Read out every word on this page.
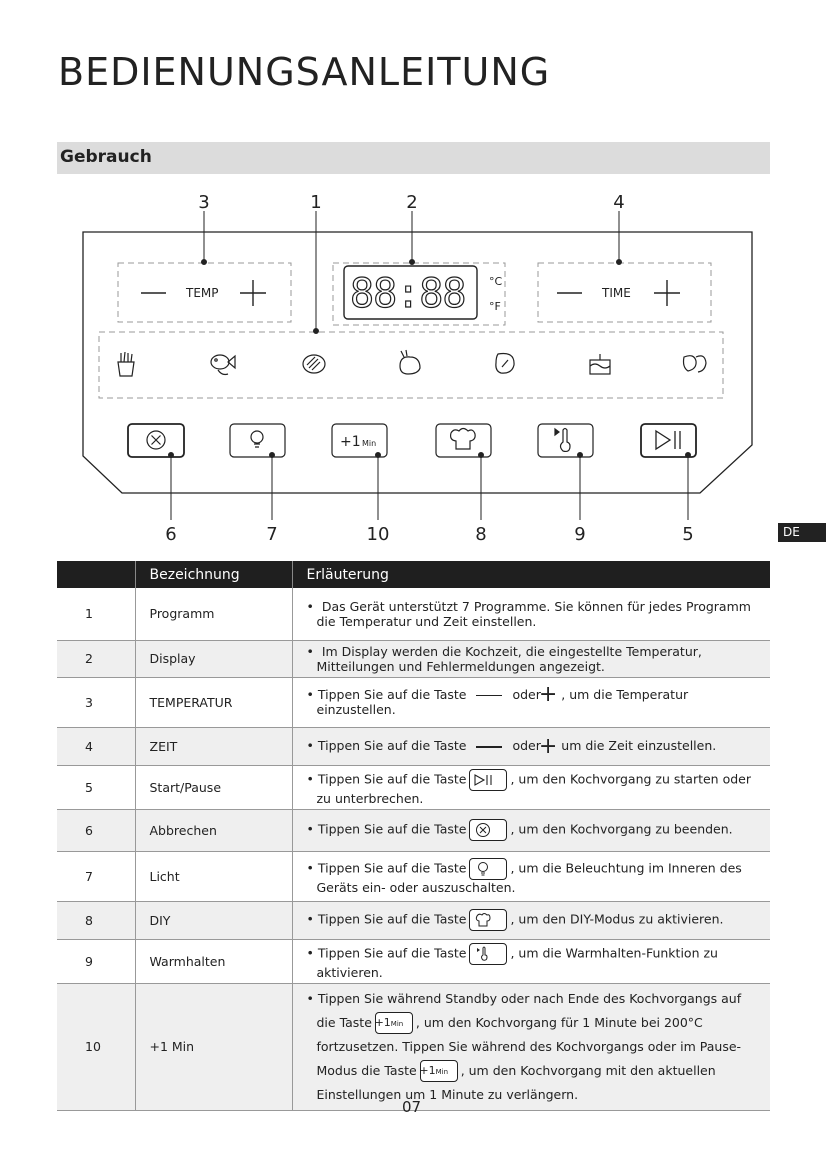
BEDIENUNGSANLEITUNG
Gebrauch
TEMP	88:88 °C
°F
TIME
+1 Min
3	1	2	4
6	7	10	8	9	5	DE
	Bezeichnung	Erläuterung
1	Programm	•  Das Gerät unterstützt 7 Programme. Sie können für jedes Programm die Temperatur und Zeit einstellen.

2	Display	•  Im Display werden die Kochzeit, die eingestellte Temperatur, Mitteilungen und Fehlermeldungen angezeigt.

3	TEMPERATUR	• Tippen Sie auf die Taste oder + , um die Temperatur einzustellen.

4	ZEIT	• Tippen Sie auf die Taste oder + um die Zeit einzustellen.

5	Start/Pause	• Tippen Sie auf die Taste , um den Kochvorgang zu starten oder zu unterbrechen.

6	Abbrechen	• Tippen Sie auf die Taste , um den Kochvorgang zu beenden.

7	Licht	• Tippen Sie auf die Taste , um die Beleuchtung im Inneren des Geräts ein- oder auszuschalten.

8	DIY	• Tippen Sie auf die Taste , um den DIY-Modus zu aktivieren.

9	Warmhalten	• Tippen Sie auf die Taste , um die Warmhalten-Funktion zu aktivieren.

10	+1 Min	• Tippen Sie während Standby oder nach Ende des Kochvorgangs auf die Taste +1Min , um den Kochvorgang für 1 Minute bei 200°C fortzusetzen. Tippen Sie während des Kochvorgangs oder im Pause-Modus die Taste +1Min , um den Kochvorgang mit den aktuellen Einstellungen um 1 Minute zu verlängern.
07
